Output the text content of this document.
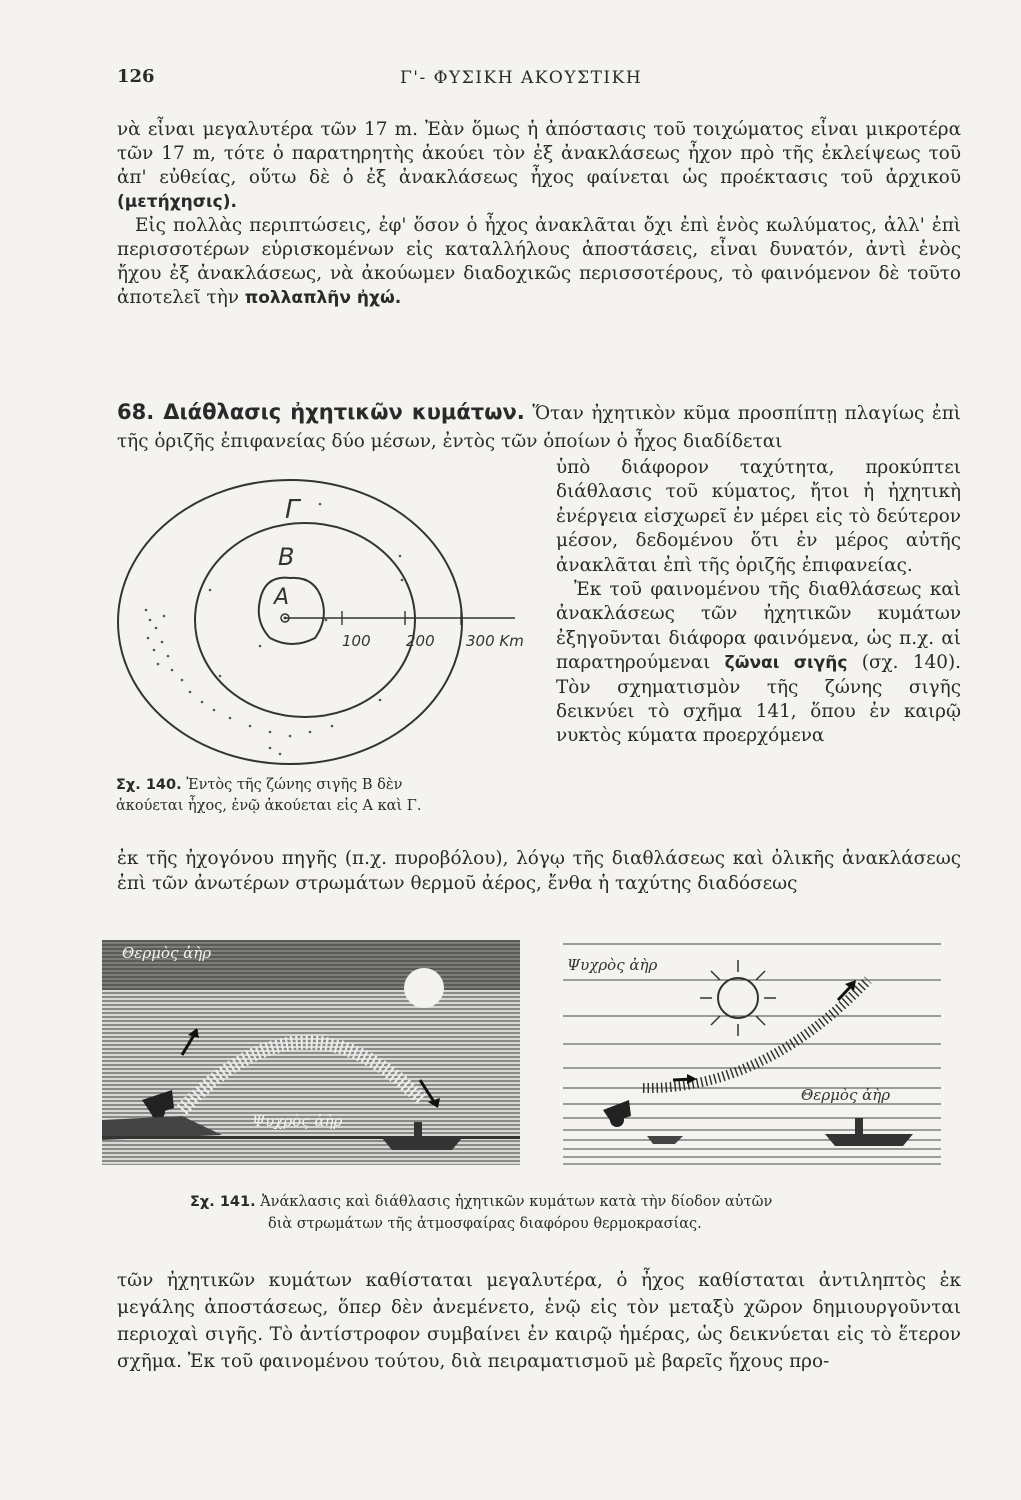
126	Γ'- ΦΥΣΙΚΗ ΑΚΟΥΣΤΙΚΗ

νὰ εἶναι μεγαλυτέρα τῶν 17 m. Ἐὰν ὅμως ἡ ἀπόστασις τοῦ τοιχώματος εἶναι μικροτέρα τῶν 17 m, τότε ὁ παρατηρητὴς ἀκούει τὸν ἐξ ἀνακλάσεως ἦχον πρὸ τῆς ἐκλείψεως τοῦ ἀπ' εὐθείας, οὕτω δὲ ὁ ἐξ ἀνακλάσεως ἦχος φαίνεται ὡς προέκτασις τοῦ ἀρχικοῦ (μετήχησις).

Εἰς πολλὰς περιπτώσεις, ἐφ' ὅσον ὁ ἦχος ἀνακλᾶται ὄχι ἐπὶ ἑνὸς κωλύματος, ἀλλ' ἐπὶ περισσοτέρων εὑρισκομένων εἰς καταλλήλους ἀποστάσεις, εἶναι δυνατόν, ἀντὶ ἑνὸς ἤχου ἐξ ἀνακλάσεως, νὰ ἀκούωμεν διαδοχικῶς περισσοτέρους, τὸ φαινόμενον δὲ τοῦτο ἀποτελεῖ τὴν πολλαπλῆν ἠχώ.

68. Διάθλασις ἠχητικῶν κυμάτων. Ὅταν ἠχητικὸν κῦμα προσπίπτῃ πλαγίως ἐπὶ τῆς ὁριζῆς ἐπιφανείας δύο μέσων, ἐντὸς τῶν ὁποίων ὁ ἦχος διαδίδεται

ὑπὸ διάφορον ταχύτητα, προκύπτει διάθλασις τοῦ κύματος, ἤτοι ἡ ἠχητικὴ ἐνέργεια εἰσχωρεῖ ἐν μέρει εἰς τὸ δεύτερον μέσον, δεδομένου ὅτι ἐν μέρος αὐτῆς ἀνακλᾶται ἐπὶ τῆς ὁριζῆς ἐπιφανείας.

Ἐκ τοῦ φαινομένου τῆς διαθλάσεως καὶ ἀνακλάσεως τῶν ἠχητικῶν κυμάτων ἐξηγοῦνται διάφορα φαινόμενα, ὡς π.χ. αἱ παρατηρούμεναι ζῶναι σιγῆς (σχ. 140). Τὸν σχηματισμὸν τῆς ζώνης σιγῆς δεικνύει τὸ σχῆμα 141, ὅπου ἐν καιρῷ νυκτὸς κύματα προερχόμενα

Γ
B
A
100 200 300 Km
Σχ. 140. Ἐντὸς τῆς ζώνης σιγῆς Β δὲν
ἀκούεται ἦχος, ἐνῷ ἀκούεται εἰς Α καὶ Γ.

ἐκ τῆς ἠχογόνου πηγῆς (π.χ. πυροβόλου), λόγῳ τῆς διαθλάσεως καὶ ὀλικῆς ἀνακλάσεως ἐπὶ τῶν ἀνωτέρων στρωμάτων θερμοῦ ἀέρος, ἔνθα ἡ ταχύτης διαδόσεως

Θερμὸς ἀὴρ
Ψυχρὸς ἀὴρ
Ψυχρὸς ἀὴρ
Θερμὸς ἀὴρ
Σχ. 141. Ἀνάκλασις καὶ διάθλασις ἠχητικῶν κυμάτων κατὰ τὴν δίοδον αὐτῶν
διὰ στρωμάτων τῆς ἀτμοσφαίρας διαφόρου θερμοκρασίας.

τῶν ἠχητικῶν κυμάτων καθίσταται μεγαλυτέρα, ὁ ἦχος καθίσταται ἀντιληπτὸς ἐκ μεγάλης ἀποστάσεως, ὅπερ δὲν ἀνεμένετο, ἐνῷ εἰς τὸν μεταξὺ χῶρον δημιουργοῦνται περιοχαὶ σιγῆς. Τὸ ἀντίστροφον συμβαίνει ἐν καιρῷ ἡμέρας, ὡς δεικνύεται εἰς τὸ ἕτερον σχῆμα. Ἐκ τοῦ φαινομένου τούτου, διὰ πειραματισμοῦ μὲ βαρεῖς ἤχους προ-
